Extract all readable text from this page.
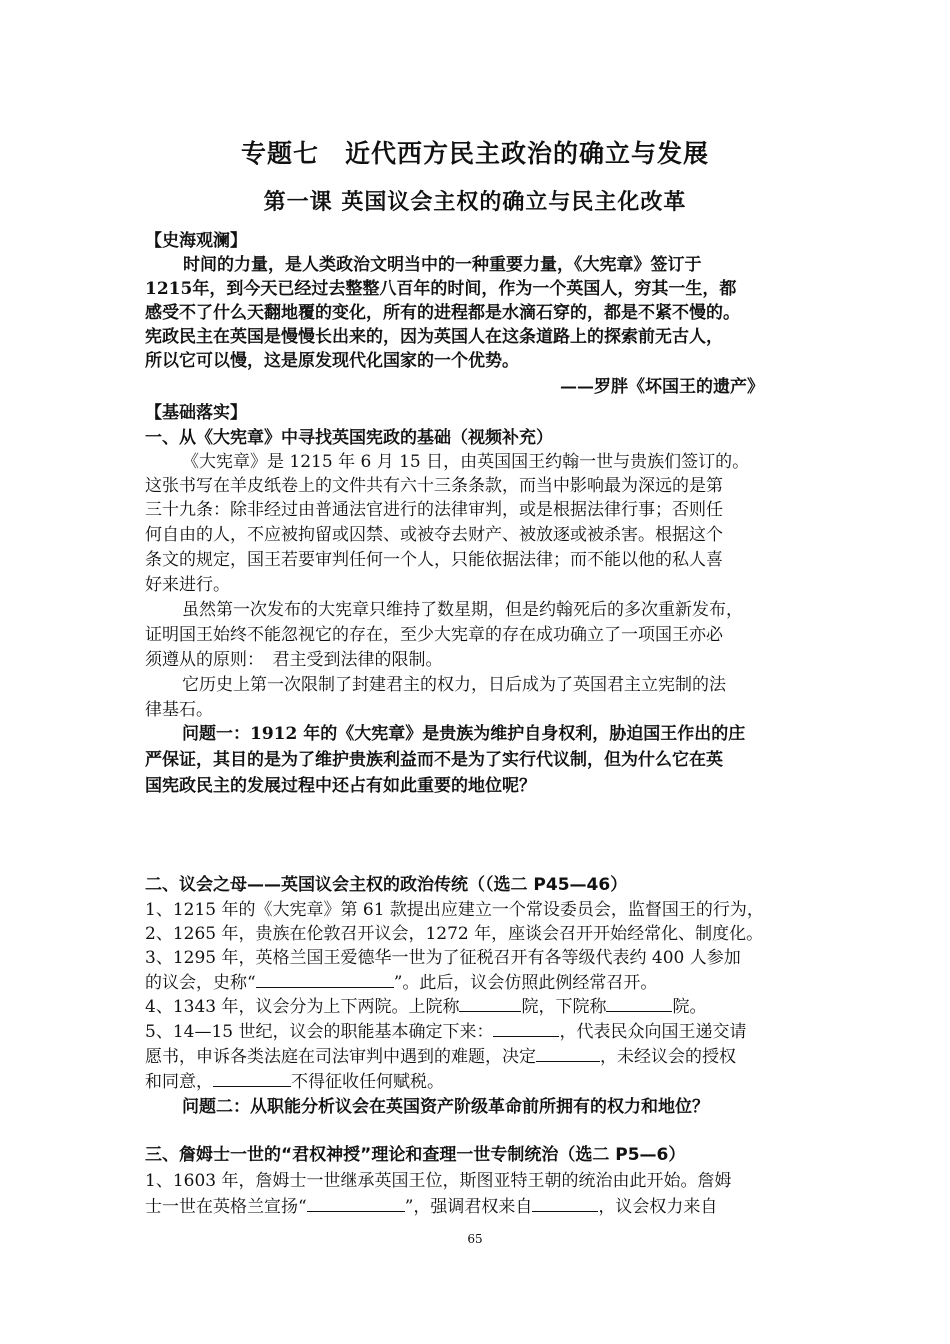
专题七　近代西方民主政治的确立与发展
第一课 英国议会主权的确立与民主化改革
【史海观澜】
时间的力量，是人类政治文明当中的一种重要力量，《大宪章》签订于
1215年，到今天已经过去整整八百年的时间，作为一个英国人，穷其一生，都
感受不了什么天翻地覆的变化，所有的进程都是水滴石穿的，都是不紧不慢的。
宪政民主在英国是慢慢长出来的，因为英国人在这条道路上的探索前无古人，
所以它可以慢，这是原发现代化国家的一个优势。
——罗胖《坏国王的遗产》
【基础落实】
一、从《大宪章》中寻找英国宪政的基础（视频补充）
《大宪章》是 1215 年 6 月 15 日，由英国国王约翰一世与贵族们签订的。
这张书写在羊皮纸卷上的文件共有六十三条条款，而当中影响最为深远的是第
三十九条：除非经过由普通法官进行的法律审判，或是根据法律行事；否则任
何自由的人，不应被拘留或囚禁、或被夺去财产、被放逐或被杀害。根据这个
条文的规定，国王若要审判任何一个人，只能依据法律；而不能以他的私人喜
好来进行。
虽然第一次发布的大宪章只维持了数星期，但是约翰死后的多次重新发布，
证明国王始终不能忽视它的存在，至少大宪章的存在成功确立了一项国王亦必
须遵从的原则：　君主受到法律的限制。
它历史上第一次限制了封建君主的权力，日后成为了英国君主立宪制的法
律基石。
问题一：1912 年的《大宪章》是贵族为维护自身权利，胁迫国王作出的庄
严保证，其目的是为了维护贵族利益而不是为了实行代议制，但为什么它在英
国宪政民主的发展过程中还占有如此重要的地位呢？
二、议会之母——英国议会主权的政治传统（（选二 P45—46）
1、1215 年的《大宪章》第 61 款提出应建立一个常设委员会，监督国王的行为，
2、1265 年，贵族在伦敦召开议会，1272 年，座谈会召开开始经常化、制度化。
3、1295 年，英格兰国王爱德华一世为了征税召开有各等级代表约 400 人参加
的议会，史称“	”。此后，议会仿照此例经常召开。
4、1343 年，议会分为上下两院。上院称	院，下院称	院。
5、14—15 世纪，议会的职能基本确定下来：	，代表民众向国王递交请
愿书，申诉各类法庭在司法审判中遇到的难题，决定	，未经议会的授权
和同意，	不得征收任何赋税。
问题二：从职能分析议会在英国资产阶级革命前所拥有的权力和地位？
三、詹姆士一世的“君权神授”理论和查理一世专制统治（选二 P5—6）
1、1603 年，詹姆士一世继承英国王位，斯图亚特王朝的统治由此开始。詹姆
士一世在英格兰宣扬“	”，强调君权来自	，议会权力来自
65
